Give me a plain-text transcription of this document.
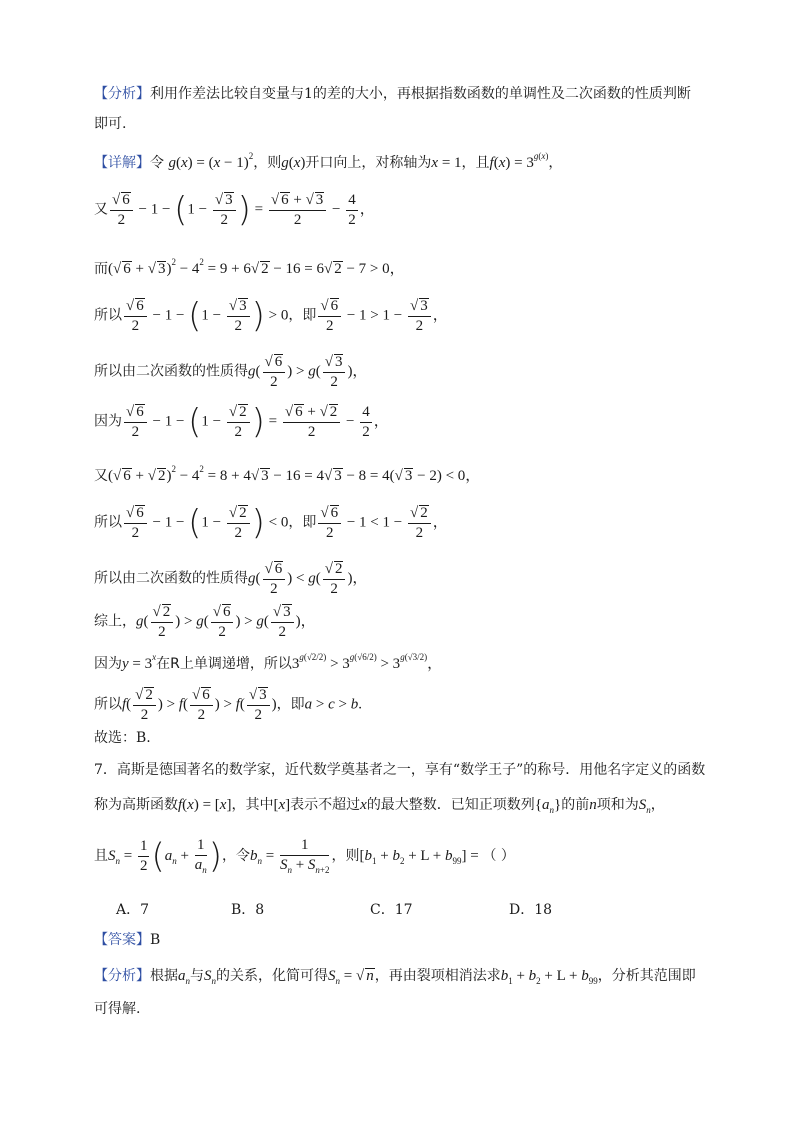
【分析】利用作差法比较自变量与1的差的大小，再根据指数函数的单调性及二次函数的性质判断
即可.
【详解】令 $g(x) = (x - 1)^2$，则g(x)开口向上，对称轴为x = 1，且$f(x) = 3^{g(x)}$，
又 $\frac{√ 6}{2} - 1 - (1 - \frac{√ 3}{2}$ ) = $\frac{√ 6 + √ 3}{2} - \frac{4}{2}$ ，
而(√ 6 + √ $3)^2 - 4^2 = 9 + 6√$ 2 − 16 = 6√ 2 − 7 > 0，
所以 $\frac{√ 6}{2} - 1 - (1 - \frac{√ 3}{2}$ ) > 0，即 $\frac{√ 6}{2} - 1 > 1 - \frac{√ 3}{2}$ ，
所以由二次函数的性质得$g( \frac{√ 6}{2}$ ) > $g( \frac{√ 3}{2}$ )，
因为 $\frac{√ 6}{2} - 1 - (1 - \frac{√ 2}{2}$ ) = $\frac{√ 6 + √ 2}{2} - \frac{4}{2}$ ，
又(√ 6 + √ $2)^2 - 4^2 = 8 + 4√$ 3 − 16 = 4√ 3 − 8 = 4(√ 3 − 2) < 0，
所以 $\frac{√ 6}{2} - 1 - (1 - \frac{√ 2}{2}$ ) < 0，即 $\frac{√ 6}{2} - 1 < 1 - \frac{√ 2}{2}$ ，
所以由二次函数的性质得$g( \frac{√ 6}{2}$ ) < $g( \frac{√ 2}{2}$ )，
综上，$g( \frac{√ 2}{2}$ ) > $g( \frac{√ 6}{2}$ ) > $g( \frac{√ 3}{2}$ )，
因为$y = 3^x$在R上单调递增，所以$3^{g(√2/2)} > 3^{g(√6/2)} > 3^{g(√3/2)}$，
所以$f( \frac{√ 2}{2}$ ) > $f( \frac{√ 6}{2}$ ) > $f( \frac{√ 3}{2}$ )，即a > c > b.
故选：B.
7．高斯是德国著名的数学家，近代数学奠基者之一，享有“数学王子”的称号．用他名字定义的函数
称为高斯函数f(x) = [x]，其中[x]表示不超过x的最大整数．已知正项数列$\{a_n\}$的前n项和为$S_n$，
且$S_n = \frac{1}{2} (a_n + \frac{1}{a_n}$ )，令$b_n = \frac{1}{S_n + S_{n+2}}$ ，则$[b_1 + b_2 + L + b_{99}]$ = （ ）
A．7	B．8	C．17	D．18
【答案】B
【分析】根据$a_n$与$S_n$的关系，化简可得$S_n$ = √ n，再由裂项相消法求$b_1 + b_2 + L + b_{99}$，分析其范围即
可得解.
